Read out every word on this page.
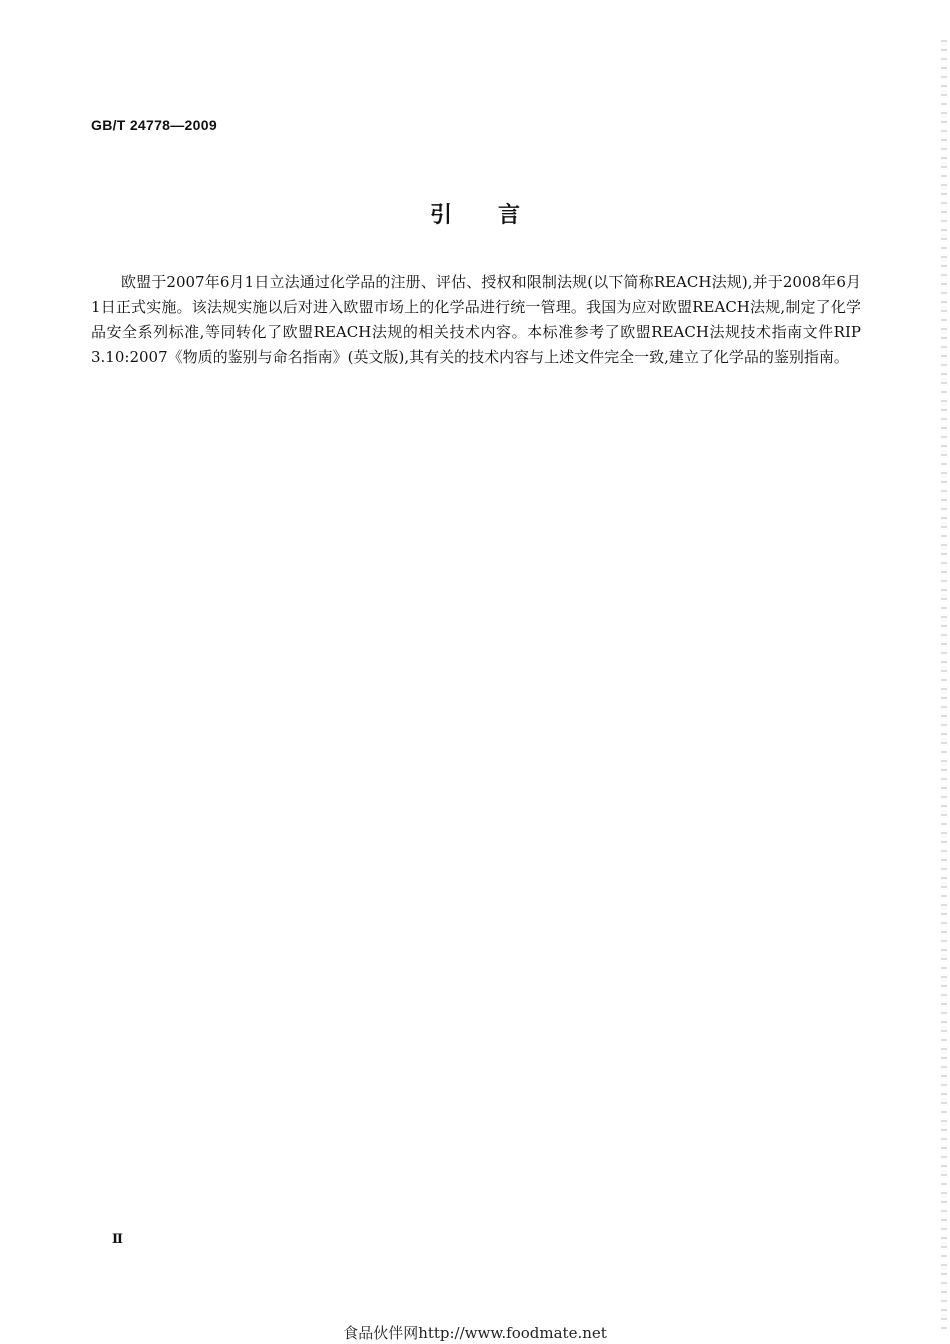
GB/T 24778—2009
引言

欧盟于2007年6月1日立法通过化学品的注册、评估、授权和限制法规(以下简称REACH法规),并于2008年6月1日正式实施。该法规实施以后对进入欧盟市场上的化学品进行统一管理。我国为应对欧盟REACH法规,制定了化学品安全系列标准,等同转化了欧盟REACH法规的相关技术内容。本标准参考了欧盟REACH法规技术指南文件RIP 3.10:2007《物质的鉴别与命名指南》(英文版),其有关的技术内容与上述文件完全一致,建立了化学品的鉴别指南。

Ⅱ
食品伙伴网http://www.foodmate.net
